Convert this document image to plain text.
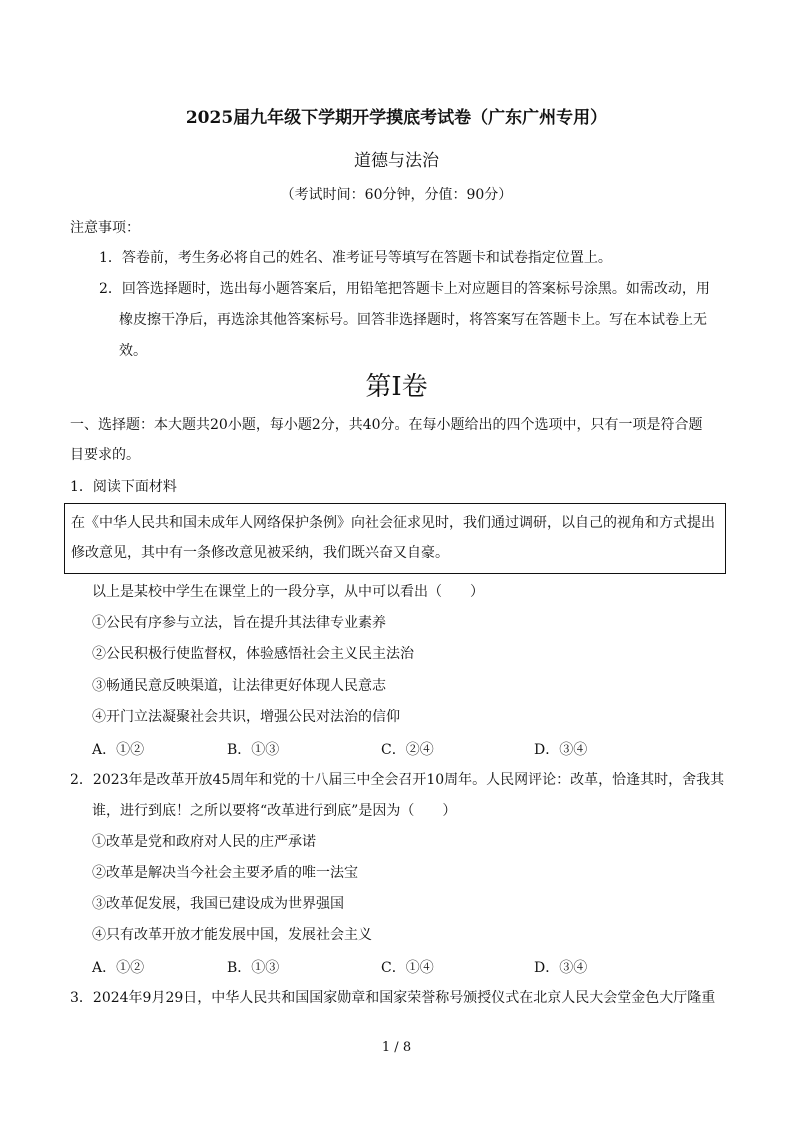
2025届九年级下学期开学摸底考试卷（广东广州专用）
道德与法治
（考试时间：60分钟，分值：90分）
注意事项：
1．答卷前，考生务必将自己的姓名、准考证号等填写在答题卡和试卷指定位置上。
2．回答选择题时，选出每小题答案后，用铅笔把答题卡上对应题目的答案标号涂黑。如需改动，用
橡皮擦干净后，再选涂其他答案标号。回答非选择题时，将答案写在答题卡上。写在本试卷上无
效。
第Ⅰ卷
一、选择题：本大题共20小题，每小题2分，共40分。在每小题给出的四个选项中，只有一项是符合题
目要求的。
1．阅读下面材料
在《中华人民共和国未成年人网络保护条例》向社会征求见时，我们通过调研，以自己的视角和方式提出
修改意见，其中有一条修改意见被采纳，我们既兴奋又自豪。
以上是某校中学生在课堂上的一段分享，从中可以看出（　　）
①公民有序参与立法，旨在提升其法律专业素养
②公民积极行使监督权，体验感悟社会主义民主法治
③畅通民意反映渠道，让法律更好体现人民意志
④开门立法凝聚社会共识，增强公民对法治的信仰
A．①②	B．①③	C．②④	D．③④
2．2023年是改革开放45周年和党的十八届三中全会召开10周年。人民网评论：改革，恰逢其时，舍我其
谁，进行到底！之所以要将“改革进行到底”是因为（　　）
①改革是党和政府对人民的庄严承诺
②改革是解决当今社会主要矛盾的唯一法宝
③改革促发展，我国已建设成为世界强国
④只有改革开放才能发展中国，发展社会主义
A．①②	B．①③	C．①④	D．③④
3．2024年9月29日，中华人民共和国国家勋章和国家荣誉称号颁授仪式在北京人民大会堂金色大厅隆重
1 / 8
